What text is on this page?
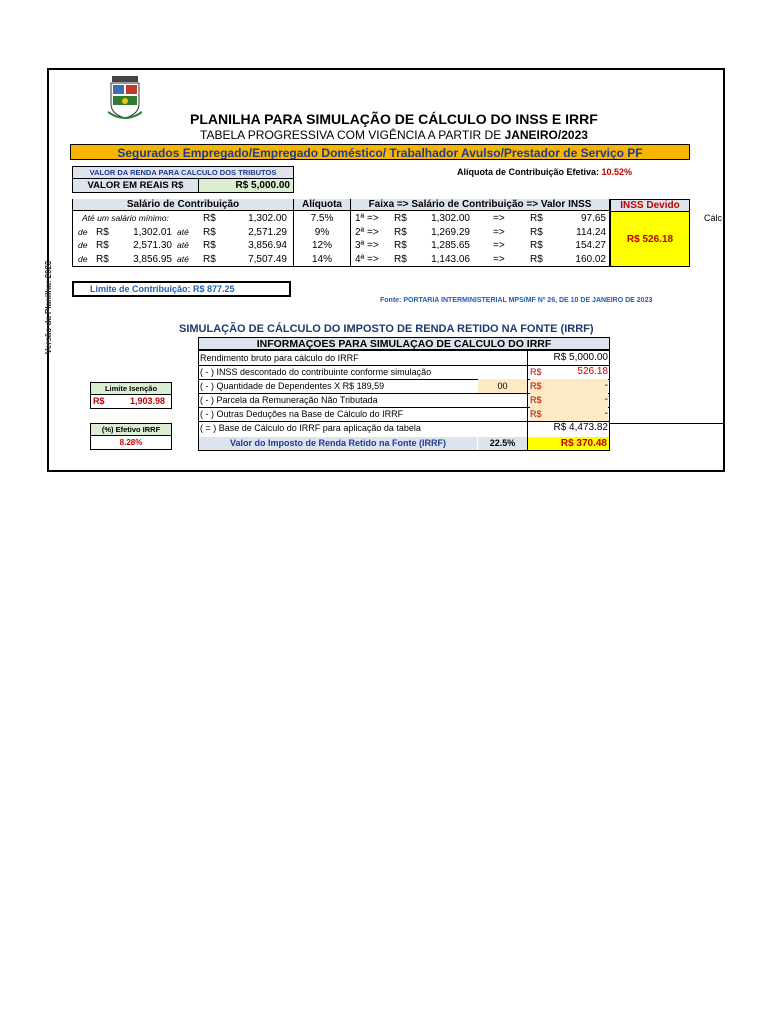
PLANILHA PARA SIMULAÇÃO DE CÁLCULO DO INSS E IRRF
TABELA PROGRESSIVA COM VIGÊNCIA A PARTIR DE JANEIRO/2023
Segurados Empregado/Empregado Doméstico/ Trabalhador Avulso/Prestador de Serviço PF
Alíquota de Contribuição Efetiva: 10.52%
VALOR DA RENDA PARA CALCULO DOS TRIBUTOS
VALOR EM REAIS R$	R$ 5,000.00
Salário de Contribuição	Alíquota	Faixa => Salário de Contribuição => Valor INSS	INSS Devido
R$ 526.18
Cálc
Até um salário mínimo:	R$	1,302.00	7.5%	1ª =>	R$	1,302.00 =>	R$	97.65
de R$	1,302.01 até	R$	2,571.29	9%	2ª =>	R$	1,269.29 =>	R$	114.24
de R$	2,571.30 até	R$	3,856.94	12%	3ª =>	R$	1,285.65 =>	R$	154.27
de R$	3,856.95 até	R$	7,507.49	14%	4ª =>	R$	1,143.06 =>	R$	160.02
Versão da Planilha: 2023	Limite de Contribuição: R$ 877.25
Fonte: PORTARIA INTERMINISTERIAL MPS/MF Nº 26, DE 10 DE JANEIRO DE 2023
SIMULAÇÃO DE CÁLCULO DO IMPOSTO DE RENDA RETIDO NA FONTE (IRRF)
INFORMAÇOES PARA SIMULAÇAO DE CALCULO DO IRRF
Rendimento bruto para cálculo do IRRF	R$ 5,000.00
( - ) INSS descontado do contribuinte conforme simulação	R$	526.18
( - ) Quantidade de Dependentes X R$ 189,59	00	R$	-
( - ) Parcela da Remuneração Não Tributada	R$	-
( - ) Outras Deduções na Base de Cálculo do IRRF	R$	-
( = ) Base de Cálculo do IRRF para aplicação da tabela	R$ 4,473.82
Valor do Imposto de Renda Retido na Fonte (IRRF)	22.5%	R$ 370.48
Limite Isenção
R$	1,903.98
(%) Efetivo IRRF
8.28%
